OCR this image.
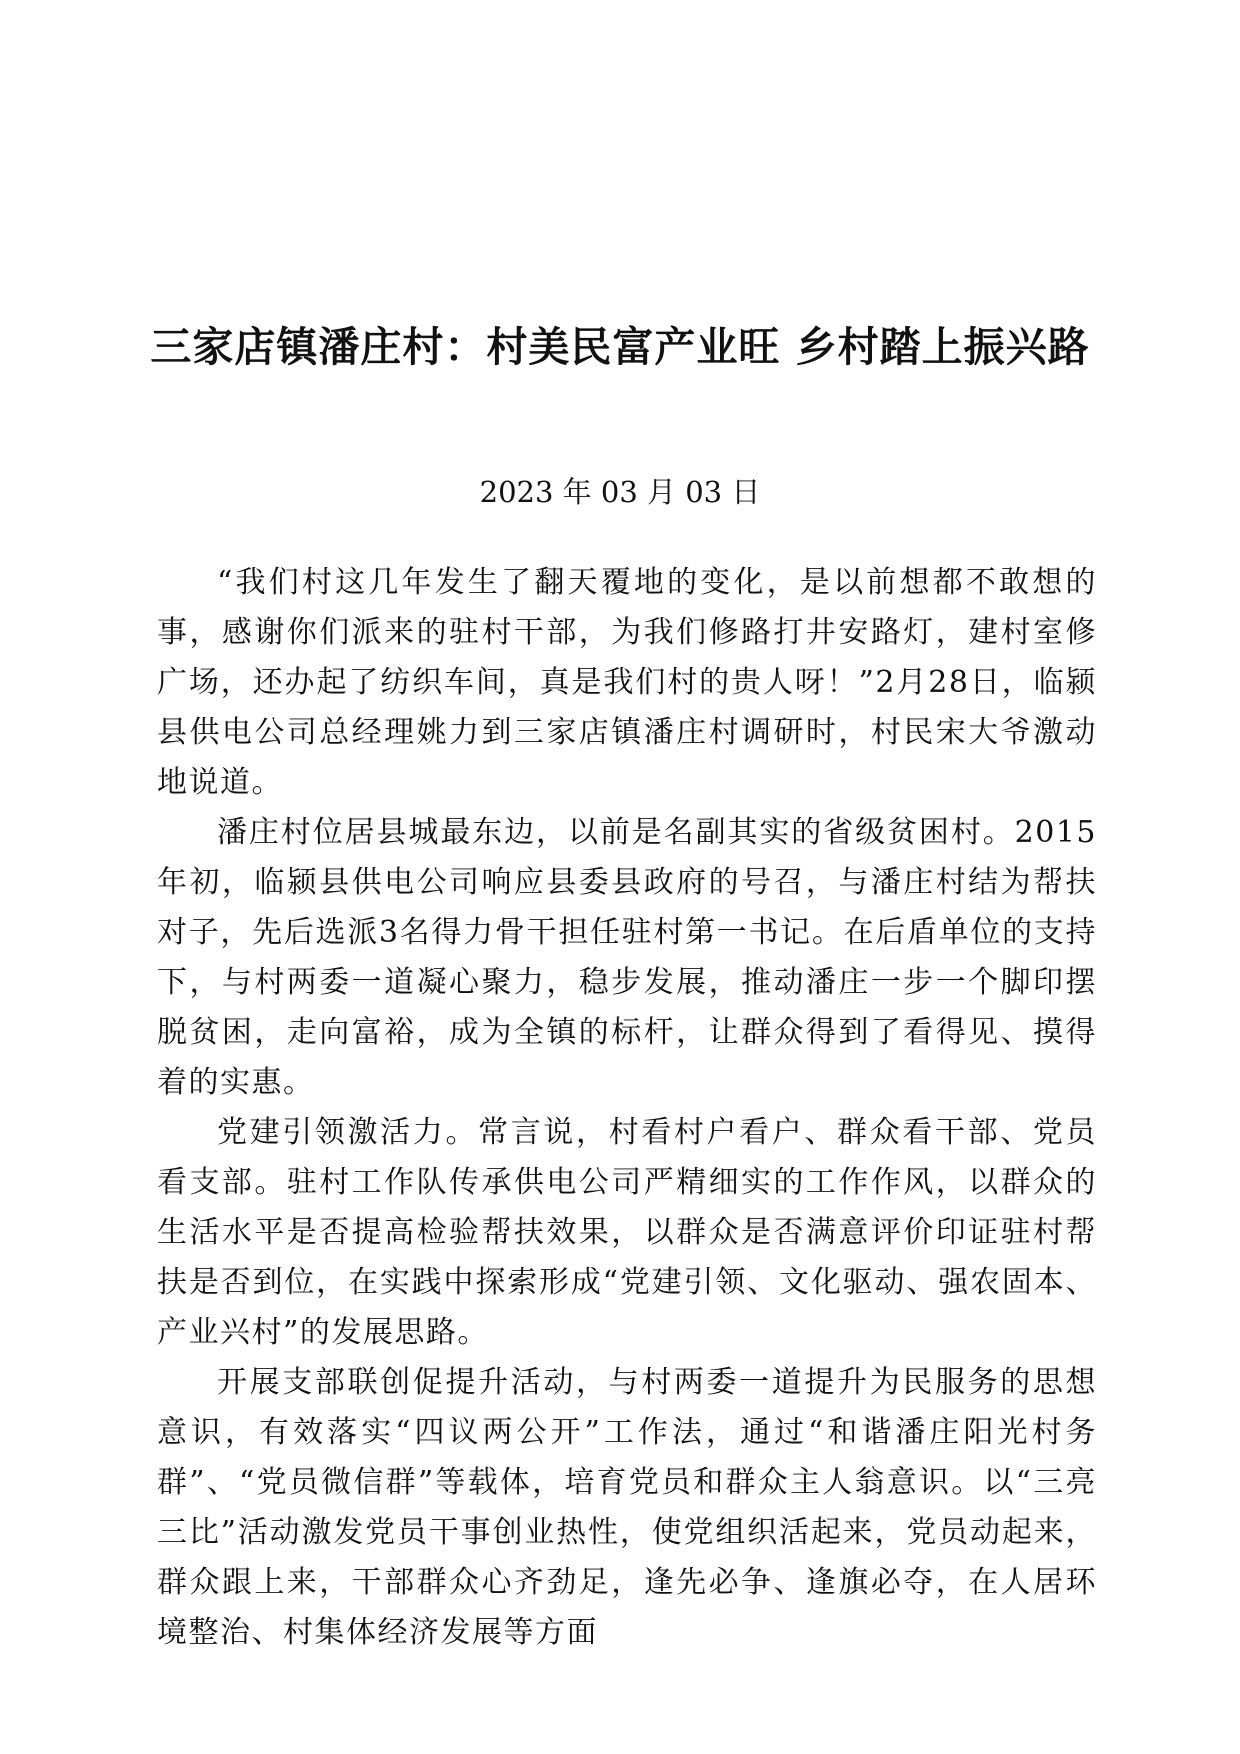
三家店镇潘庄村：村美民富产业旺 乡村踏上振兴路
2023 年 03 月 03 日

“我们村这几年发生了翻天覆地的变化，是以前想都不敢想的事，感谢你们派来的驻村干部，为我们修路打井安路灯，建村室修广场，还办起了纺织车间，真是我们村的贵人呀！”2月28日，临颍县供电公司总经理姚力到三家店镇潘庄村调研时，村民宋大爷激动地说道。

潘庄村位居县城最东边，以前是名副其实的省级贫困村。2015年初，临颍县供电公司响应县委县政府的号召，与潘庄村结为帮扶对子，先后选派3名得力骨干担任驻村第一书记。在后盾单位的支持下，与村两委一道凝心聚力，稳步发展，推动潘庄一步一个脚印摆脱贫困，走向富裕，成为全镇的标杆，让群众得到了看得见、摸得着的实惠。

党建引领激活力。常言说，村看村户看户、群众看干部、党员看支部。驻村工作队传承供电公司严精细实的工作作风，以群众的生活水平是否提高检验帮扶效果，以群众是否满意评价印证驻村帮扶是否到位，在实践中探索形成“党建引领、文化驱动、强农固本、产业兴村”的发展思路。

开展支部联创促提升活动，与村两委一道提升为民服务的思想意识，有效落实“四议两公开”工作法，通过“和谐潘庄阳光村务群”、“党员微信群”等载体，培育党员和群众主人翁意识。以“三亮三比”活动激发党员干事创业热性，使党组织活起来，党员动起来，群众跟上来，干部群众心齐劲足，逢先必争、逢旗必夺，在人居环境整治、村集体经济发展等方面
